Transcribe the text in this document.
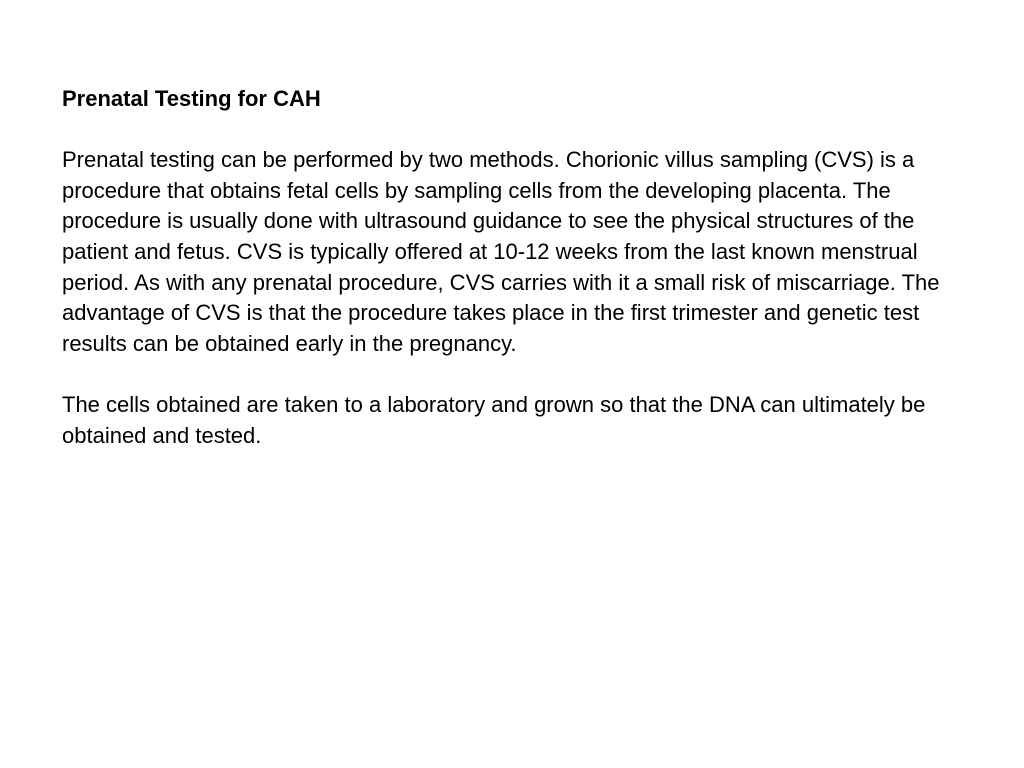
Prenatal Testing for CAH

Prenatal testing can be performed by two methods. Chorionic villus sampling (CVS) is a procedure that obtains fetal cells by sampling cells from the developing placenta. The procedure is usually done with ultrasound guidance to see the physical structures of the patient and fetus. CVS is typically offered at 10-12 weeks from the last known menstrual period. As with any prenatal procedure, CVS carries with it a small risk of miscarriage. The advantage of CVS is that the procedure takes place in the first trimester and genetic test results can be obtained early in the pregnancy.

The cells obtained are taken to a laboratory and grown so that the DNA can ultimately be obtained and tested.
